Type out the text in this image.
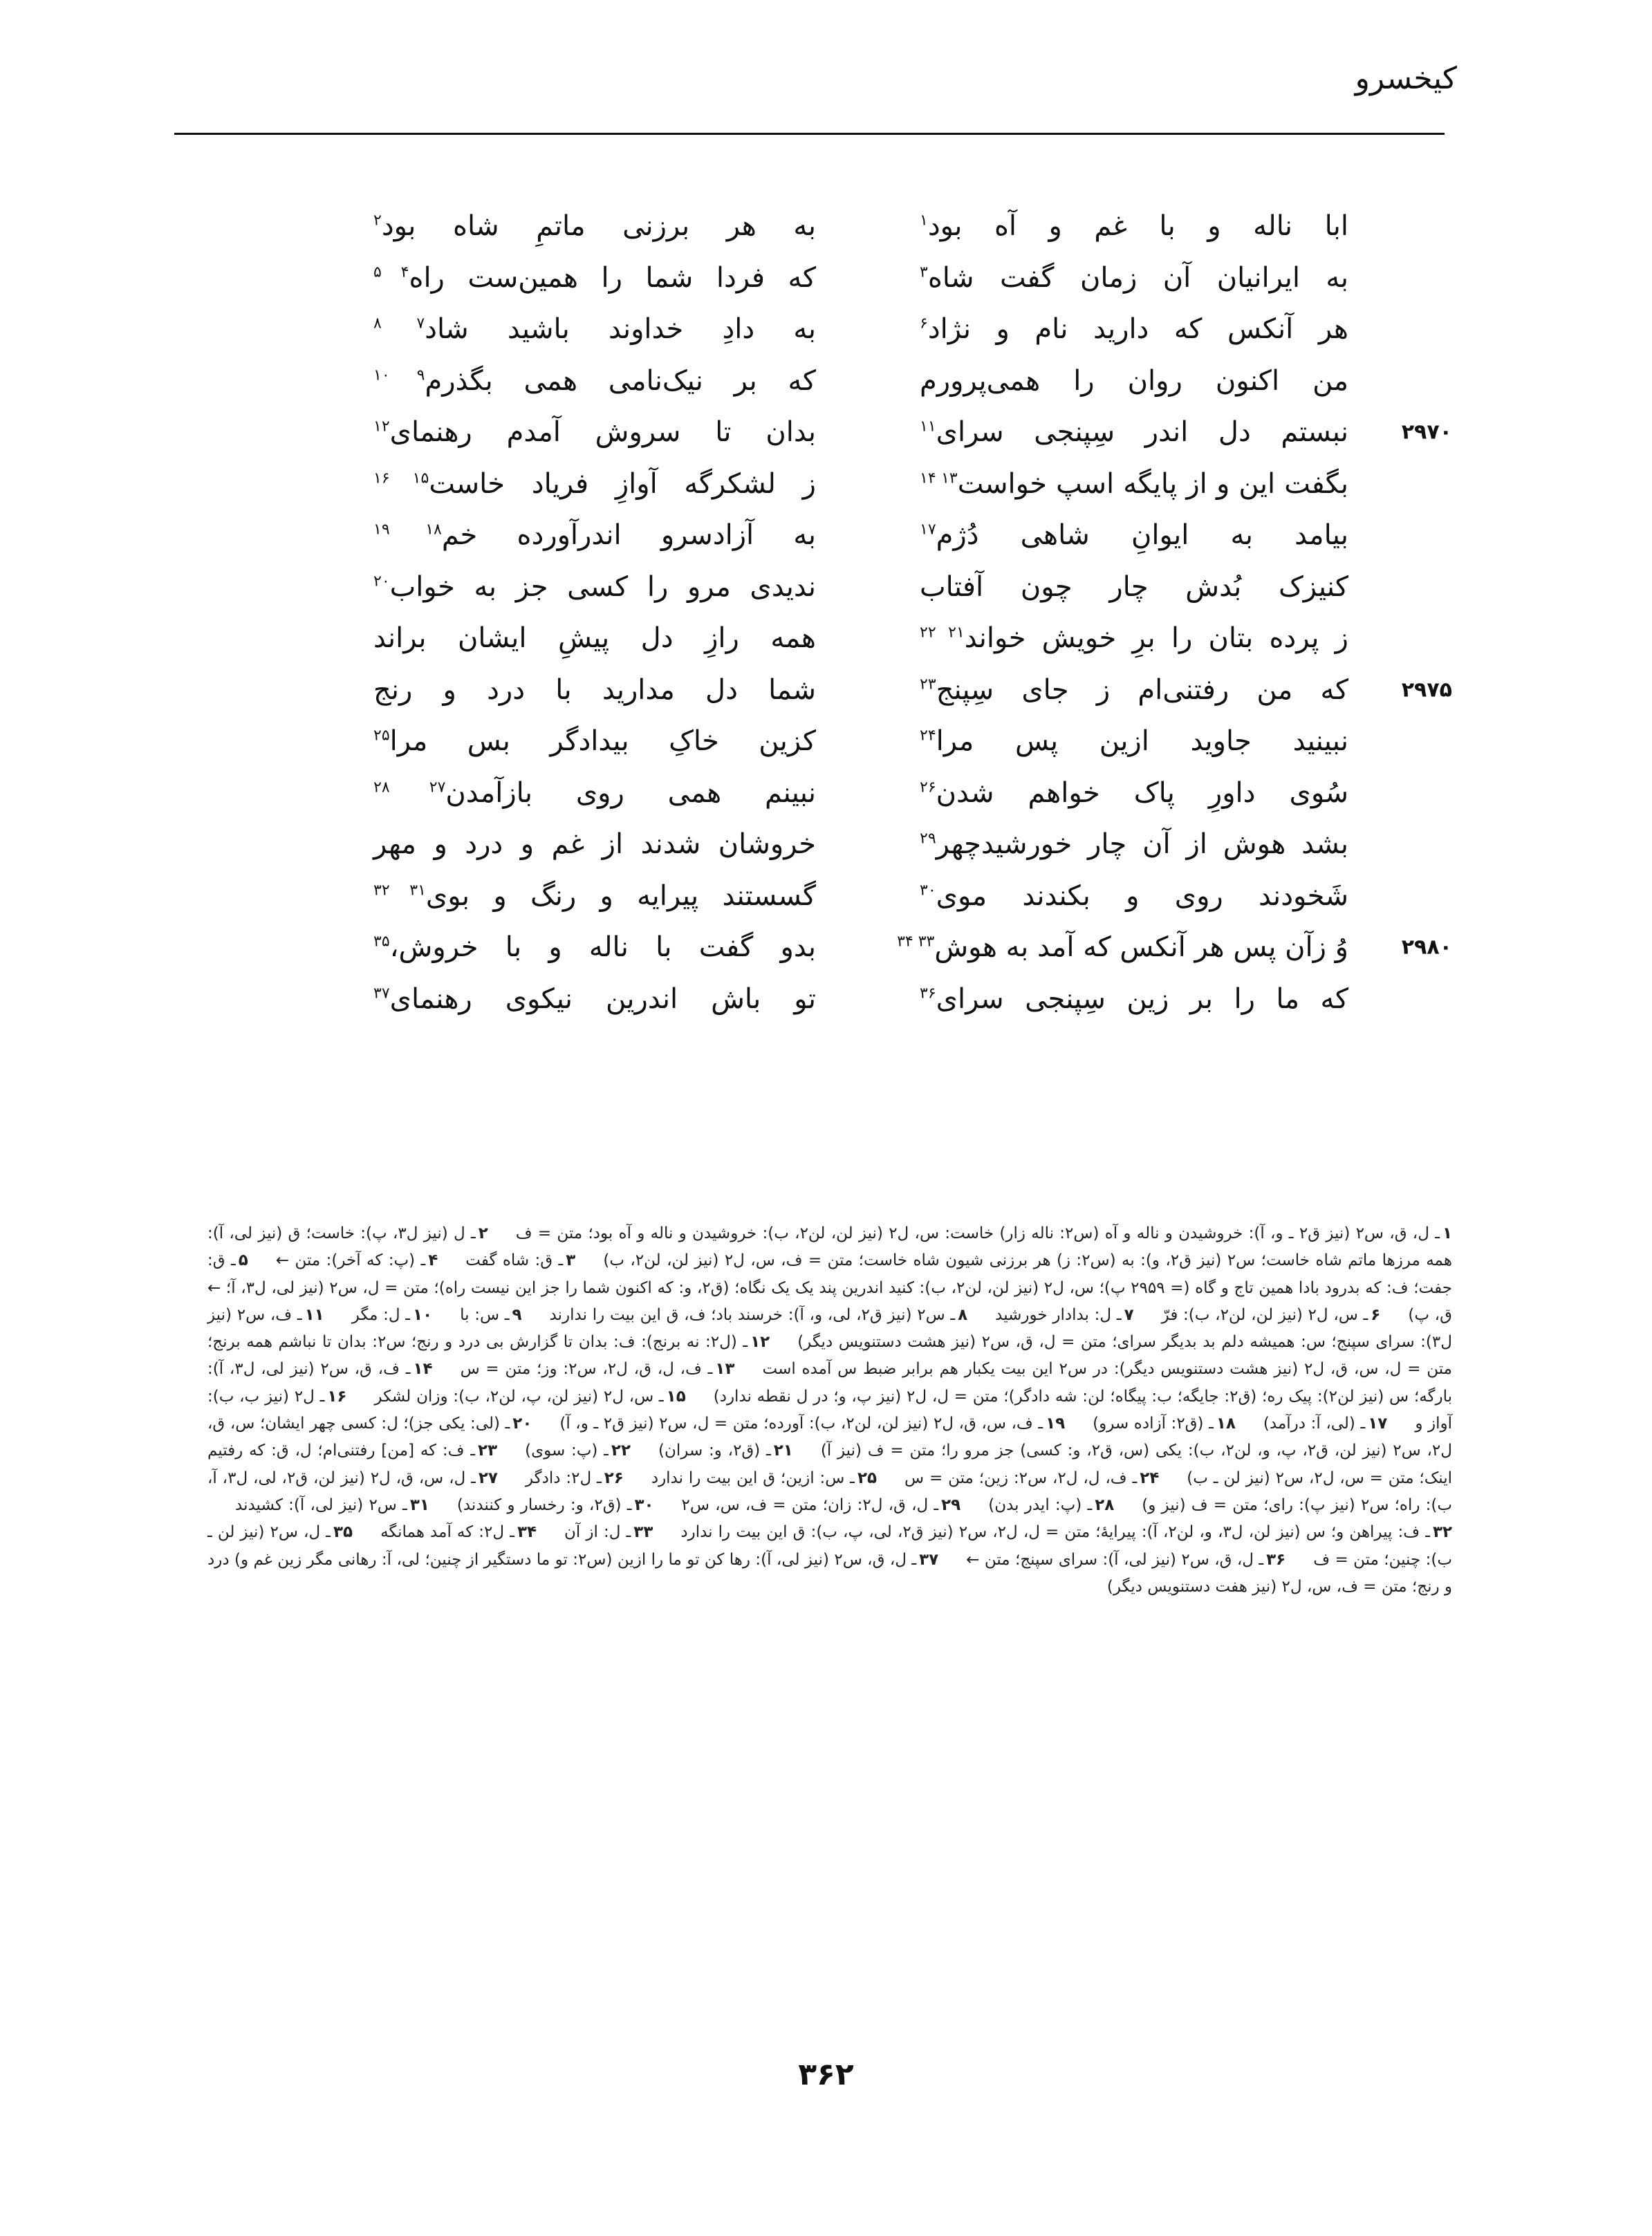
کیخسرو
ابا ناله و با غم و آه بود$^۱$
به هر برزنی ماتمِ شاه بود$^۲$
به ایرانیان آن زمان گفت شاه$^۳$
که فردا شما را همین‌ست راه$^{۴ ۵}$
هر آنکس که دارید نام و نژاد$^۶$
به دادِ خداوند باشید شاد$^{۷ ۸}$
من اکنون روان را همی‌پرورم
که بر نیک‌نامی همی بگذرم$^{۹ ۱۰}$
۲۹۷۰
نبستم دل اندر سِپنجی سرای$^{۱۱}$
بدان تا سروش آمدم رهنمای$^{۱۲}$
بگفت این و از پایگه اسپ خواست$^{۱۳ ۱۴}$
ز لشکرگه آوازِ فریاد خاست$^{۱۵ ۱۶}$
بیامد به ایوانِ شاهی دُژم$^{۱۷}$
به آزادسرو اندرآورده خم$^{۱۸ ۱۹}$
کنیزک بُدش چار چون آفتاب
ندیدی مرو را کسی جز به خواب$^{۲۰}$
ز پرده بتان را برِ خویش خواند$^{۲۱ ۲۲}$
همه رازِ دل پیشِ ایشان براند
۲۹۷۵
که من رفتنی‌ام ز جای سِپنج$^{۲۳}$
شما دل مدارید با درد و رنج
نبینید جاوید ازین پس مرا$^{۲۴}$
کزین خاکِ بیدادگر بس مرا$^{۲۵}$
سُوی داورِ پاک خواهم شدن$^{۲۶}$
نبینم همی روی بازآمدن$^{۲۷ ۲۸}$
بشد هوش از آن چار خورشیدچهر$^{۲۹}$
خروشان شدند از غم و درد و مهر
شَخودند روی و بکندند موی$^{۳۰}$
گسستند پیرایه و رنگ و بوی$^{۳۱ ۳۲}$
۲۹۸۰
وُ زآن پس هر آنکس که آمد به هوش$^{۳۳ ۳۴}$
بدو گفت با ناله و با خروش،$^{۳۵}$
که ما را بر زین سِپنجی سرای$^{۳۶}$
تو باش اندرین نیکوی رهنمای$^{۳۷}$
۱ـ ل، ق، س۲ (نیز ق۲ ـ و، آ): خروشیدن و ناله و آه (س۲: ناله زار) خاست: س، ل۲ (نیز لن، لن۲، ب): خروشیدن و ناله و آه بود؛ متن = ف۲ـ ل (نیز ل۳، پ): خاست؛ ق (نیز لی، آ): همه مرزها ماتم شاه خاست؛ س۲ (نیز ق۲، و): به (س۲: ز) هر برزنی شیون شاه خاست؛ متن = ف، س، ل۲ (نیز لن، لن۲، ب)۳ـ ق: شاه گفت۴ـ (پ: که آخر): متن ←۵ـ ق: جفت؛ ف: که بدرود بادا همین تاج و گاه (= ۲۹۵۹ پ)؛ س، ل۲ (نیز لن، لن۲، ب): کنید اندرین پند یک یک نگاه؛ (ق۲، و: که اکنون شما را جز این نیست راه)؛ متن = ل، س۲ (نیز لی، ل۳، آ؛ ← ق، پ)۶ـ س، ل۲ (نیز لن، لن۲، ب): فرّ۷ـ ل: بدادار خورشید۸ـ س۲ (نیز ق۲، لی، و، آ): خرسند باد؛ ف، ق این بیت را ندارند۹ـ س: با۱۰ـ ل: مگر۱۱ـ ف، س۲ (نیز ل۳): سرای سپنج؛ س: همیشه دلم بد بدیگر سرای؛ متن = ل، ق، س۲ (نیز هشت دستنویس دیگر)۱۲ـ (ل۲: نه برنج): ف: بدان تا گزارش بی درد و رنج؛ س۲: بدان تا نباشم همه برنج؛ متن = ل، س، ق، ل۲ (نیز هشت دستنویس دیگر): در س۲ این بیت یکبار هم برابر ضبط س آمده است۱۳ـ ف، ل، ق، ل۲، س۲: وز؛ متن = س۱۴ـ ف، ق، س۲ (نیز لی، ل۳، آ): بارگه؛ س (نیز لن۲): پیک ره؛ (ق۲: جایگه؛ ب: پیگاه؛ لن: شه دادگر)؛ متن = ل، ل۲ (نیز پ، و؛ در ل نقطه ندارد)۱۵ـ س، ل۲ (نیز لن، پ، لن۲، ب): وزان لشکر۱۶ـ ل۲ (نیز ب، ب): آواز و۱۷ـ (لی، آ: درآمد)۱۸ـ (ق۲: آزاده سرو)۱۹ـ ف، س، ق، ل۲ (نیز لن، لن۲، ب): آورده؛ متن = ل، س۲ (نیز ق۲ ـ و، آ)۲۰ـ (لی: یکی جز)؛ ل: کسی چهر ایشان؛ س، ق، ل۲، س۲ (نیز لن، ق۲، پ، و، لن۲، ب): یکی (س، ق۲، و: کسی) جز مرو را؛ متن = ف (نیز آ)۲۱ـ (ق۲، و: سران)۲۲ـ (پ: سوی)۲۳ـ ف: که [من] رفتنی‌ام؛ ل، ق: که رفتیم اینک؛ متن = س، ل۲، س۲ (نیز لن ـ ب)۲۴ـ ف، ل، ل۲، س۲: زین؛ متن = س۲۵ـ س: ازین؛ ق این بیت را ندارد۲۶ـ ل۲: دادگر۲۷ـ ل، س، ق، ل۲ (نیز لن، ق۲، لی، ل۳، آ، ب): راه؛ س۲ (نیز پ): رای؛ متن = ف (نیز و)۲۸ـ (پ: ایدر بدن)۲۹ـ ل، ق، ل۲: زان؛ متن = ف، س، س۲۳۰ـ (ق۲، و: رخسار و کنندند)۳۱ـ س۲ (نیز لی، آ): کشیدند۳۲ـ ف: پیراهن و؛ س (نیز لن، ل۳، و، لن۲، آ): پیرایهٔ؛ متن = ل، ل۲، س۲ (نیز ق۲، لی، پ، ب): ق این بیت را ندارد۳۳ـ ل: از آن۳۴ـ ل۲: که آمد همانگه۳۵ـ ل، س۲ (نیز لن ـ ب): چنین؛ متن = ف۳۶ـ ل، ق، س۲ (نیز لی، آ): سرای سپنج؛ متن ←۳۷ـ ل، ق، س۲ (نیز لی، آ): رها کن تو ما را ازین (س۲: تو ما دستگیر از چنین؛ لی، آ: رهانی مگر زین غم و) درد و رنج؛ متن = ف، س، ل۲ (نیز هفت دستنویس دیگر)
۳۶۲
